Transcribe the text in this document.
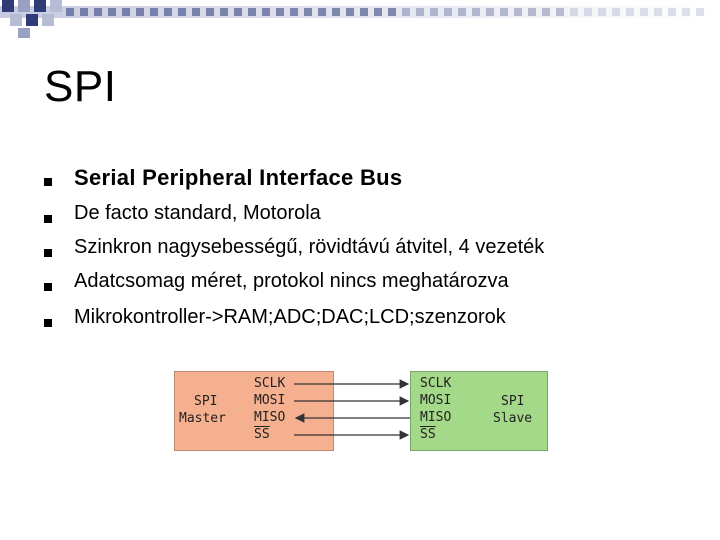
SPI
Serial Peripheral Interface Bus
De facto standard, Motorola
Szinkron nagysebességű, rövidtávú átvitel, 4 vezeték
Adatcsomag méret, protokol nincs meghatározva
Mikrokontroller->RAM;ADC;DAC;LCD;szenzorok
SPI
Master
SCLK
MOSI
MISO
$\overline{SS}$
SCLK
MOSI
MISO
$\overline{SS}$
SPI
Slave
